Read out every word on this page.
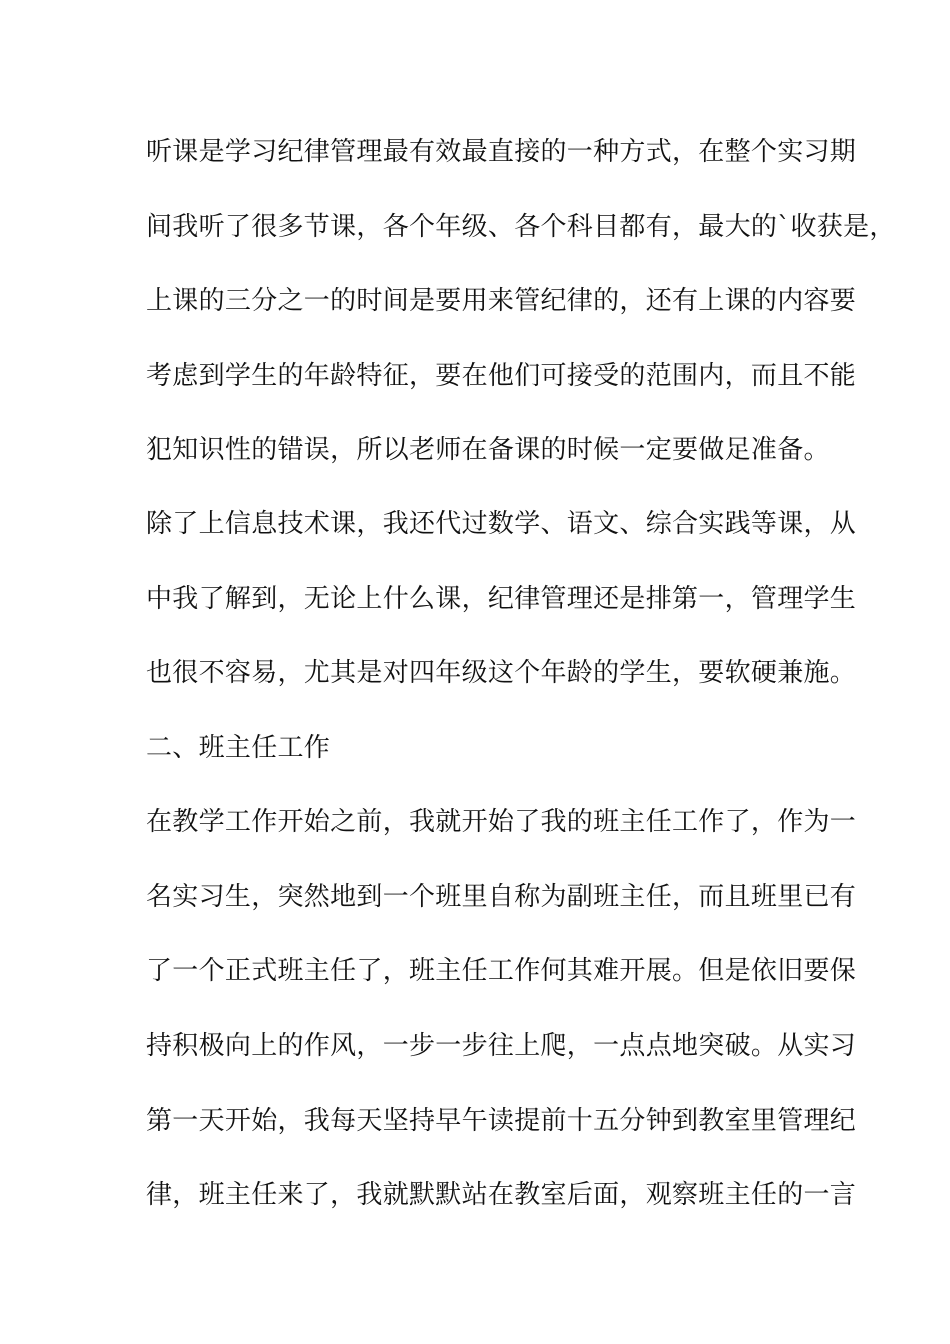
听课是学习纪律管理最有效最直接的一种方式，在整个实习期
间我听了很多节课，各个年级、各个科目都有，最大的`收获是，
上课的三分之一的时间是要用来管纪律的，还有上课的内容要
考虑到学生的年龄特征，要在他们可接受的范围内，而且不能
犯知识性的错误，所以老师在备课的时候一定要做足准备。
除了上信息技术课，我还代过数学、语文、综合实践等课，从
中我了解到，无论上什么课，纪律管理还是排第一，管理学生
也很不容易，尤其是对四年级这个年龄的学生，要软硬兼施。
二、班主任工作
在教学工作开始之前，我就开始了我的班主任工作了，作为一
名实习生，突然地到一个班里自称为副班主任，而且班里已有
了一个正式班主任了，班主任工作何其难开展。但是依旧要保
持积极向上的作风，一步一步往上爬，一点点地突破。从实习
第一天开始，我每天坚持早午读提前十五分钟到教室里管理纪
律，班主任来了，我就默默站在教室后面，观察班主任的一言
